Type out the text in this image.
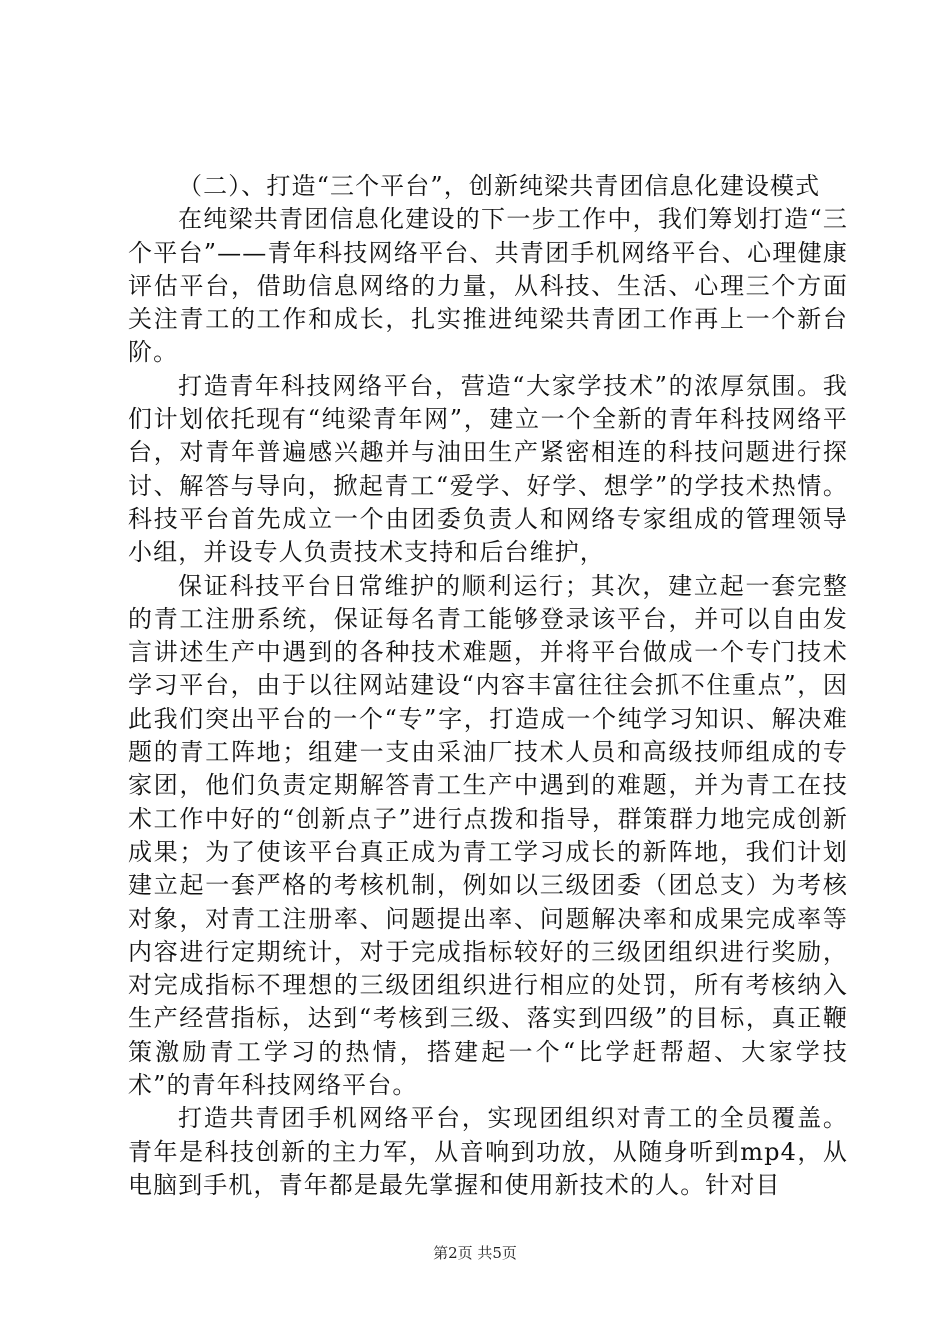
（二）、打造“三个平台”，创新纯梁共青团信息化建设模式

在纯梁共青团信息化建设的下一步工作中，我们筹划打造“三个平台”——青年科技网络平台、共青团手机网络平台、心理健康评估平台，借助信息网络的力量，从科技、生活、心理三个方面关注青工的工作和成长，扎实推进纯梁共青团工作再上一个新台阶。

打造青年科技网络平台，营造“大家学技术”的浓厚氛围。我们计划依托现有“纯梁青年网”，建立一个全新的青年科技网络平台，对青年普遍感兴趣并与油田生产紧密相连的科技问题进行探讨、解答与导向，掀起青工“爱学、好学、想学”的学技术热情。科技平台首先成立一个由团委负责人和网络专家组成的管理领导小组，并设专人负责技术支持和后台维护，

保证科技平台日常维护的顺利运行；其次，建立起一套完整的青工注册系统，保证每名青工能够登录该平台，并可以自由发言讲述生产中遇到的各种技术难题，并将平台做成一个专门技术学习平台，由于以往网站建设“内容丰富往往会抓不住重点”，因此我们突出平台的一个“专”字，打造成一个纯学习知识、解决难题的青工阵地；组建一支由采油厂技术人员和高级技师组成的专家团，他们负责定期解答青工生产中遇到的难题，并为青工在技术工作中好的“创新点子”进行点拨和指导，群策群力地完成创新成果；为了使该平台真正成为青工学习成长的新阵地，我们计划建立起一套严格的考核机制，例如以三级团委（团总支）为考核对象，对青工注册率、问题提出率、问题解决率和成果完成率等内容进行定期统计，对于完成指标较好的三级团组织进行奖励，对完成指标不理想的三级团组织进行相应的处罚，所有考核纳入生产经营指标，达到“考核到三级、落实到四级”的目标，真正鞭策激励青工学习的热情，搭建起一个“比学赶帮超、大家学技术”的青年科技网络平台。

打造共青团手机网络平台，实现团组织对青工的全员覆盖。青年是科技创新的主力军，从音响到功放，从随身听到mp4，从电脑到手机，青年都是最先掌握和使用新技术的人。针对目

第2页 共5页
